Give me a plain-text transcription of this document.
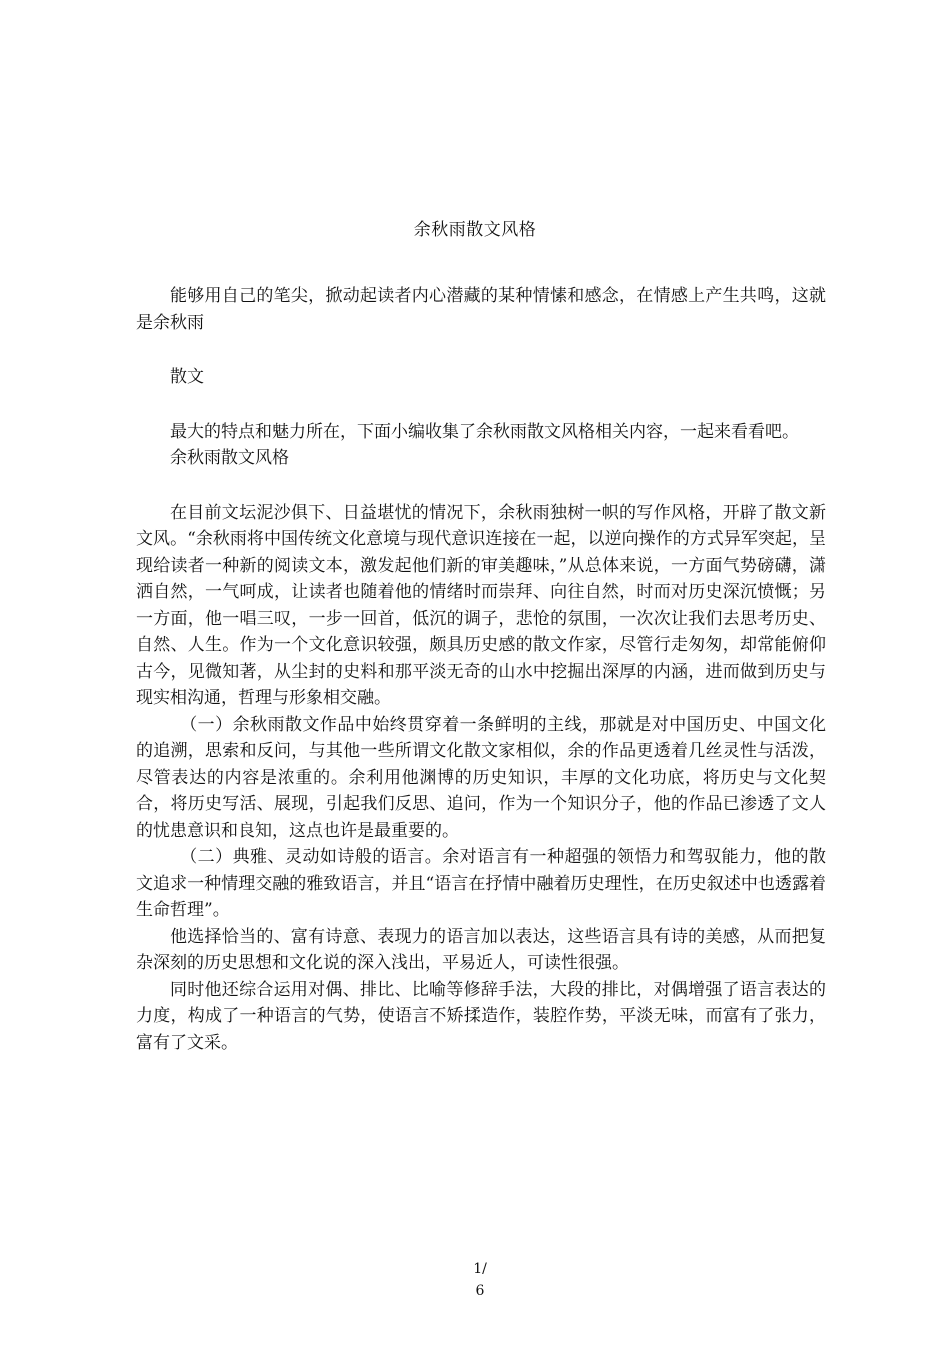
余秋雨散文风格

能够用自己的笔尖，掀动起读者内心潜藏的某种情愫和感念，在情感上产生共鸣，这就是余秋雨

散文

最大的特点和魅力所在，下面小编收集了余秋雨散文风格相关内容，一起来看看吧。

余秋雨散文风格

在目前文坛泥沙俱下、日益堪忧的情况下，余秋雨独树一帜的写作风格，开辟了散文新文风。“余秋雨将中国传统文化意境与现代意识连接在一起，以逆向操作的方式异军突起，呈现给读者一种新的阅读文本，激发起他们新的审美趣味，”从总体来说，一方面气势磅礴，潇洒自然，一气呵成，让读者也随着他的情绪时而崇拜、向往自然，时而对历史深沉愤慨；另一方面，他一唱三叹，一步一回首，低沉的调子，悲怆的氛围，一次次让我们去思考历史、自然、人生。作为一个文化意识较强，颇具历史感的散文作家，尽管行走匆匆，却常能俯仰古今，见微知著，从尘封的史料和那平淡无奇的山水中挖掘出深厚的内涵，进而做到历史与现实相沟通，哲理与形象相交融。

（一）余秋雨散文作品中始终贯穿着一条鲜明的主线，那就是对中国历史、中国文化的追溯，思索和反问，与其他一些所谓文化散文家相似，余的作品更透着几丝灵性与活泼，尽管表达的内容是浓重的。余利用他渊博的历史知识，丰厚的文化功底，将历史与文化契合，将历史写活、展现，引起我们反思、追问，作为一个知识分子，他的作品已渗透了文人的忧患意识和良知，这点也许是最重要的。

（二）典雅、灵动如诗般的语言。余对语言有一种超强的领悟力和驾驭能力，他的散文追求一种情理交融的雅致语言，并且“语言在抒情中融着历史理性，在历史叙述中也透露着生命哲理”。

他选择恰当的、富有诗意、表现力的语言加以表达，这些语言具有诗的美感，从而把复杂深刻的历史思想和文化说的深入浅出，平易近人，可读性很强。

同时他还综合运用对偶、排比、比喻等修辞手法，大段的排比，对偶增强了语言表达的力度，构成了一种语言的气势，使语言不矫揉造作，装腔作势，平淡无味，而富有了张力，富有了文采。

1/
6
